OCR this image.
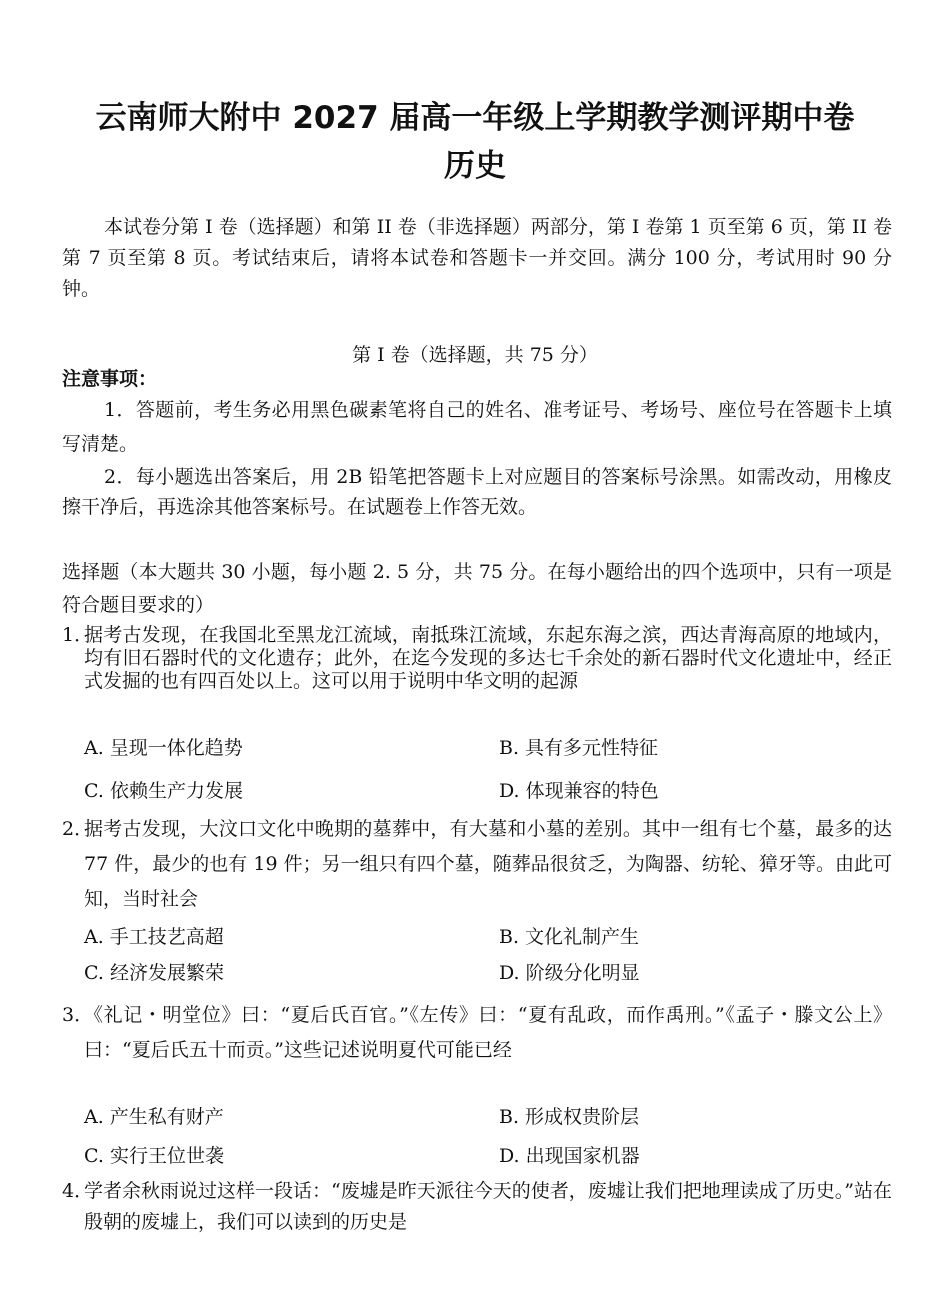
云南师大附中 2027 届高一年级上学期教学测评期中卷
历史
本试卷分第 I 卷（选择题）和第 II 卷（非选择题）两部分，第 I 卷第 1 页至第 6 页，第 II 卷第 7 页至第 8 页。考试结束后，请将本试卷和答题卡一并交回。满分 100 分，考试用时 90 分钟。
第 I 卷（选择题，共 75 分）
注意事项：
1．答题前，考生务必用黑色碳素笔将自己的姓名、准考证号、考场号、座位号在答题卡上填写清楚。
2．每小题选出答案后，用 2B 铅笔把答题卡上对应题目的答案标号涂黑。如需改动，用橡皮擦干净后，再选涂其他答案标号。在试题卷上作答无效。
选择题（本大题共 30 小题，每小题 2. 5 分，共 75 分。在每小题给出的四个选项中，只有一项是符合题目要求的）
1．
据考古发现，在我国北至黑龙江流域，南抵珠江流域，东起东海之滨，西达青海高原的地域内，均有旧石器时代的文化遗存；此外，在迄今发现的多达七千余处的新石器时代文化遗址中，经正式发掘的也有四百处以上。这可以用于说明中华文明的起源
A. 呈现一体化趋势	B. 具有多元性特征
C. 依赖生产力发展	D. 体现兼容的特色
2．
据考古发现，大汶口文化中晚期的墓葬中，有大墓和小墓的差别。其中一组有七个墓，最多的达 77 件，最少的也有 19 件；另一组只有四个墓，随葬品很贫乏，为陶器、纺轮、獐牙等。由此可知，当时社会
A. 手工技艺高超	B. 文化礼制产生
C. 经济发展繁荣	D. 阶级分化明显
3．
《礼记・明堂位》曰：“夏后氏百官。”《左传》曰：“夏有乱政，而作禹刑。”《孟子・滕文公上》曰：“夏后氏五十而贡。”这些记述说明夏代可能已经
A. 产生私有财产	B. 形成权贵阶层
C. 实行王位世袭	D. 出现国家机器
4．
学者余秋雨说过这样一段话：“废墟是昨天派往今天的使者，废墟让我们把地理读成了历史。”站在殷朝的废墟上，我们可以读到的历史是
